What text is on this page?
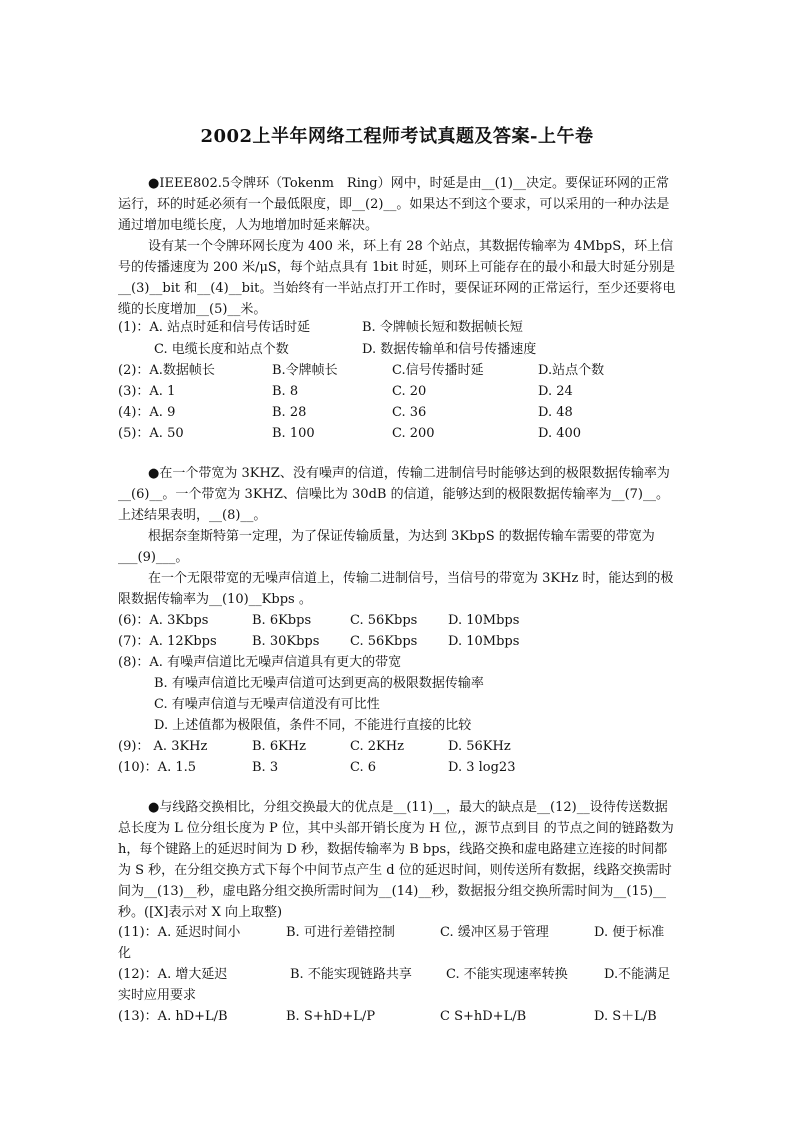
2002上半年网络工程师考试真题及答案-上午卷
●IEEE802.5令牌环（Tokenm　Ring）网中，时延是由__(1)__决定。要保证环网的正常运行，环的时延必须有一个最低限度，即__(2)__。如果达不到这个要求，可以采用的一种办法是通过增加电缆长度，人为地增加时延来解决。
设有某一个令牌环网长度为 400 米，环上有 28 个站点，其数据传输率为 4MbpS，环上信号的传播速度为 200 米/μS，每个站点具有 1bit 时延，则环上可能存在的最小和最大时延分别是 __(3)__bit 和__(4)__bit。当始终有一半站点打开工作时，要保证环网的正常运行，至少还要将电缆的长度增加__(5)__米。
(1)：A. 站点时延和信号传话时延	B. 令牌帧长短和数据帧长短
C. 电缆长度和站点个数	D. 数据传输单和信号传播速度
(2)：A.数据帧长	B.令牌帧长	C.信号传播时延	D.站点个数
(3)：A. 1	B. 8	C. 20	D. 24
(4)：A. 9	B. 28	C. 36	D. 48
(5)：A. 50	B. 100	C. 200	D. 400
●在一个带宽为 3KHZ、没有噪声的信道，传输二进制信号时能够达到的极限数据传输率为__(6)__。一个带宽为 3KHZ、信噪比为 30dB 的信道，能够达到的极限数据传输率为__(7)__。上述结果表明，__(8)__。
根据奈奎斯特第一定理，为了保证传输质量，为达到 3KbpS 的数据传输车需要的带宽为___(9)___。
在一个无限带宽的无噪声信道上，传输二进制信号，当信号的带宽为 3KHz 时，能达到的极限数据传输率为__(10)__Kbps 。
(6)：A. 3Kbps	B. 6Kbps	C. 56Kbps D. 10Mbps
(7)：A. 12Kbps	B. 30Kbps C. 56Kbps D. 10Mbps
(8)：A. 有噪声信道比无噪声信道具有更大的带宽
B. 有噪声信道比无噪声信道可达到更高的极限数据传输率
C. 有噪声信道与无噪声信道没有可比性
D. 上述值都为极限值，条件不同，不能进行直接的比较
(9)： A. 3KHz	B. 6KHz	C. 2KHz	D. 56KHz
(10)：A. 1.5	B. 3	C. 6	D. 3 log23
●与线路交换相比，分组交换最大的优点是__(11)__，最大的缺点是__(12)__设待传送数据总长度为 L 位分组长度为 P 位，其中头部开销长度为 H 位,，源节点到目 的节点之间的链路数为 h，每个键路上的延迟时间为 D 秒，数据传输率为 B bps，线路交换和虚电路建立连接的时间都为 S 秒，在分组交换方式下每个中间节点产生 d 位的延迟时间，则传送所有数据，线路交换需时间为__(13)__秒，虚电路分组交换所需时间为__(14)__秒，数据报分组交换所需时间为__(15)__秒。([X]表示对 X 向上取整)
(11)：A. 延迟时间小	B. 可进行差错控制	C. 缓冲区易于管理	D. 便于标准
化
(12)：A. 增大延迟	B. 不能实现链路共享	C. 不能实现速率转换	D.不能满足
实时应用要求
(13)：A. hD+L/B	B. S+hD+L/P	C S+hD+L/B	D. S＋L/B
